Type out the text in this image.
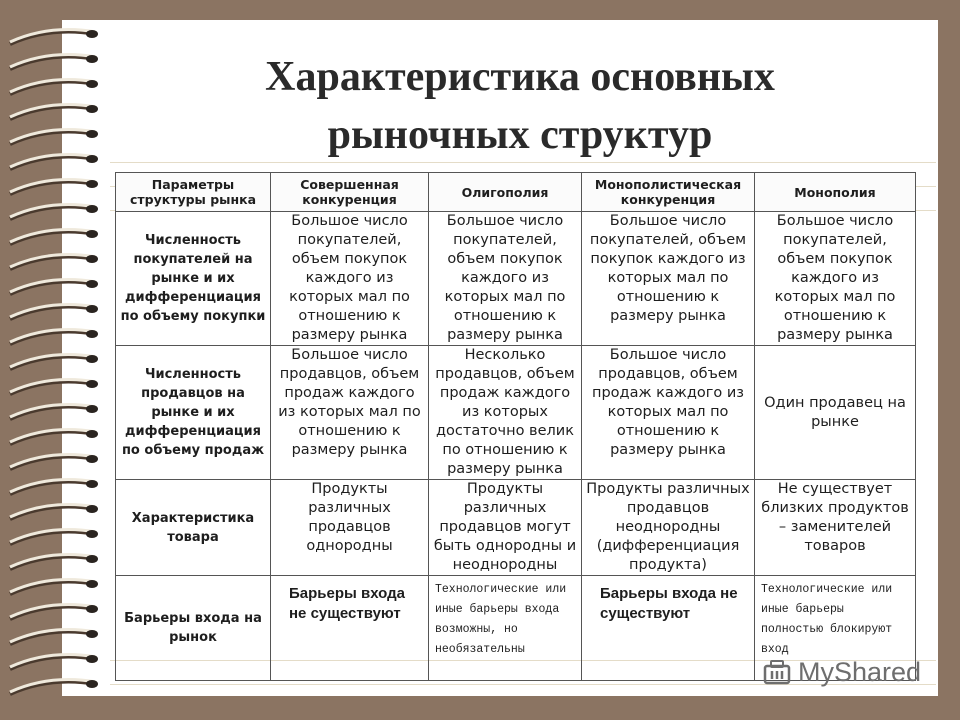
Характеристика основных
рыночных структур
Параметры структуры рынка	Совершенная конкуренция	Олигополия	Монополистическая конкуренция	Монополия
Численность покупателей на рынке и их дифференциация по объему покупки	Большое число покупателей, объем покупок каждого из которых мал по отношению к размеру рынка	Большое число покупателей, объем покупок каждого из которых мал по отношению к размеру рынка	Большое число покупателей, объем покупок каждого из которых мал по отношению к размеру рынка	Большое число покупателей, объем покупок каждого из которых мал по отношению к размеру рынка
Численность продавцов на рынке и их дифференциация по объему продаж	Большое число продавцов, объем продаж каждого из которых мал по отношению к размеру рынка	Несколько продавцов, объем продаж каждого из которых достаточно велик по отношению к размеру рынка	Большое число продавцов, объем продаж каждого из которых мал по отношению к размеру рынка	Один продавец на рынке
Характеристика товара	Продукты различных продавцов однородны	Продукты различных продавцов могут быть однородны и неоднородны	Продукты различных продавцов неоднородны (дифференциация продукта)	Не существует близких продуктов – заменителей товаров
Барьеры входа на рынок	Барьеры входа не существуют	Технологические или иные барьеры входа возможны, но необязательны	Барьеры входа не существуют	Технологические или иные барьеры полностью блокируют вход
MyShared
